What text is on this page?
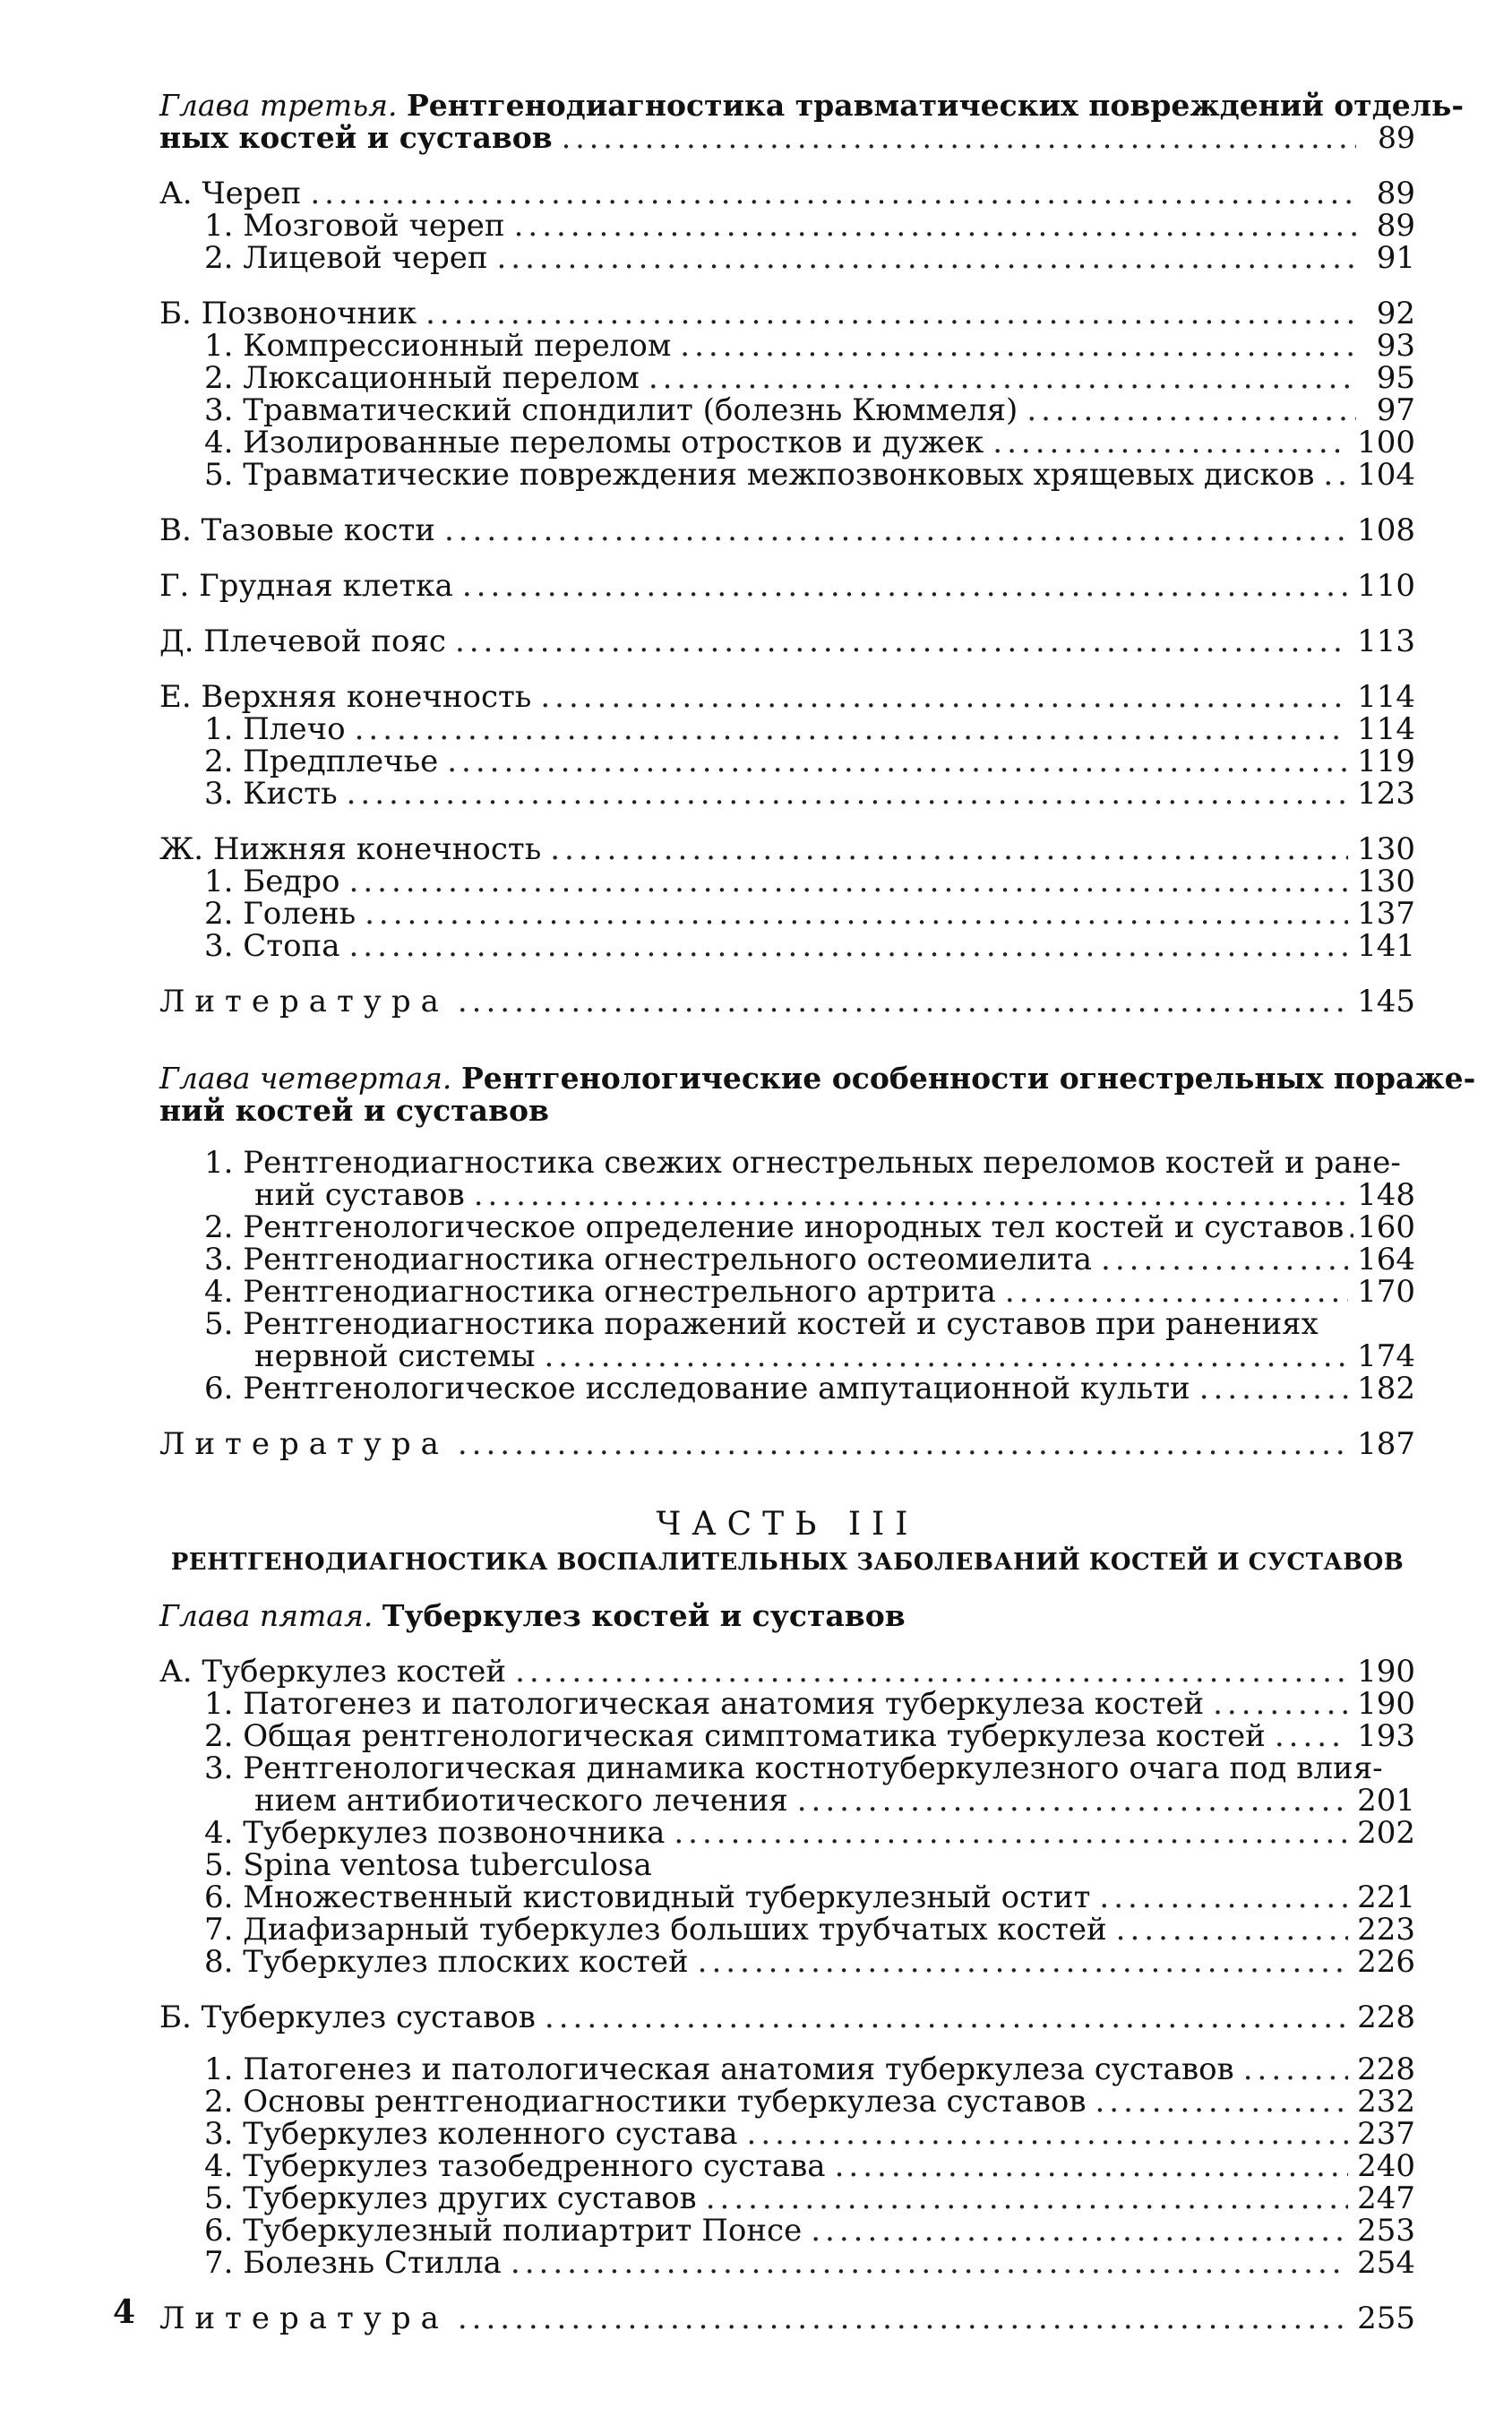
Глава третья. Рентгенодиагностика травматических повреждений отдель-
ных костей и суставов .....	89
А. Череп .....	89
1. Мозговой череп .....	89
2. Лицевой череп .....	91
Б. Позвоночник .....	92
1. Компрессионный перелом .....	93
2. Люксационный перелом .....	95
3. Травматический спондилит (болезнь Кюммеля) .....	97
4. Изолированные переломы отростков и дужек .....	100
5. Травматические повреждения межпозвонковых хрящевых дисков ..... 104
В. Тазовые кости .....	108
Г. Грудная клетка .....	110
Д. Плечевой пояс .....	113
Е. Верхняя конечность .....	114
1. Плечо .....	114
2. Предплечье .....	119
3. Кисть .....	123
Ж. Нижняя конечность .....	130
1. Бедро .....	130
2. Голень .....	137
3. Стопа .....	141
Литература .....	145
Глава четвертая. Рентгенологические особенности огнестрельных пораже-
ний костей и суставов
1. Рентгенодиагностика свежих огнестрельных переломов костей и ране-
ний суставов .....	148
2. Рентгенологическое определение инородных тел костей и суставов ..... 160
3. Рентгенодиагностика огнестрельного остеомиелита .....	164
4. Рентгенодиагностика огнестрельного артрита .....	170
5. Рентгенодиагностика поражений костей и суставов при ранениях
нервной системы .....	174
6. Рентгенологическое исследование ампутационной культи .....	182
Литература .....	187
ЧАСТЬ III
РЕНТГЕНОДИАГНОСТИКА ВОСПАЛИТЕЛЬНЫХ ЗАБОЛЕВАНИЙ КОСТЕЙ И СУСТАВОВ
Глава пятая. Туберкулез костей и суставов
А. Туберкулез костей .....	190
1. Патогенез и патологическая анатомия туберкулеза костей .....	190
2. Общая рентгенологическая симптоматика туберкулеза костей .....	193
3. Рентгенологическая динамика костнотуберкулезного очага под влия-
нием антибиотического лечения .....	201
4. Туберкулез позвоночника .....	202
5. Spina ventosa tuberculosa
6. Множественный кистовидный туберкулезный остит .....	221
7. Диафизарный туберкулез больших трубчатых костей .....	223
8. Туберкулез плоских костей .....	226
Б. Туберкулез суставов .....	228
1. Патогенез и патологическая анатомия туберкулеза суставов .....	228
2. Основы рентгенодиагностики туберкулеза суставов .....	232
3. Туберкулез коленного сустава .....	237
4. Туберкулез тазобедренного сустава .....	240
5. Туберкулез других суставов .....	247
6. Туберкулезный полиартрит Понсе .....	253
7. Болезнь Стилла .....	254
Литература .....	255
4
